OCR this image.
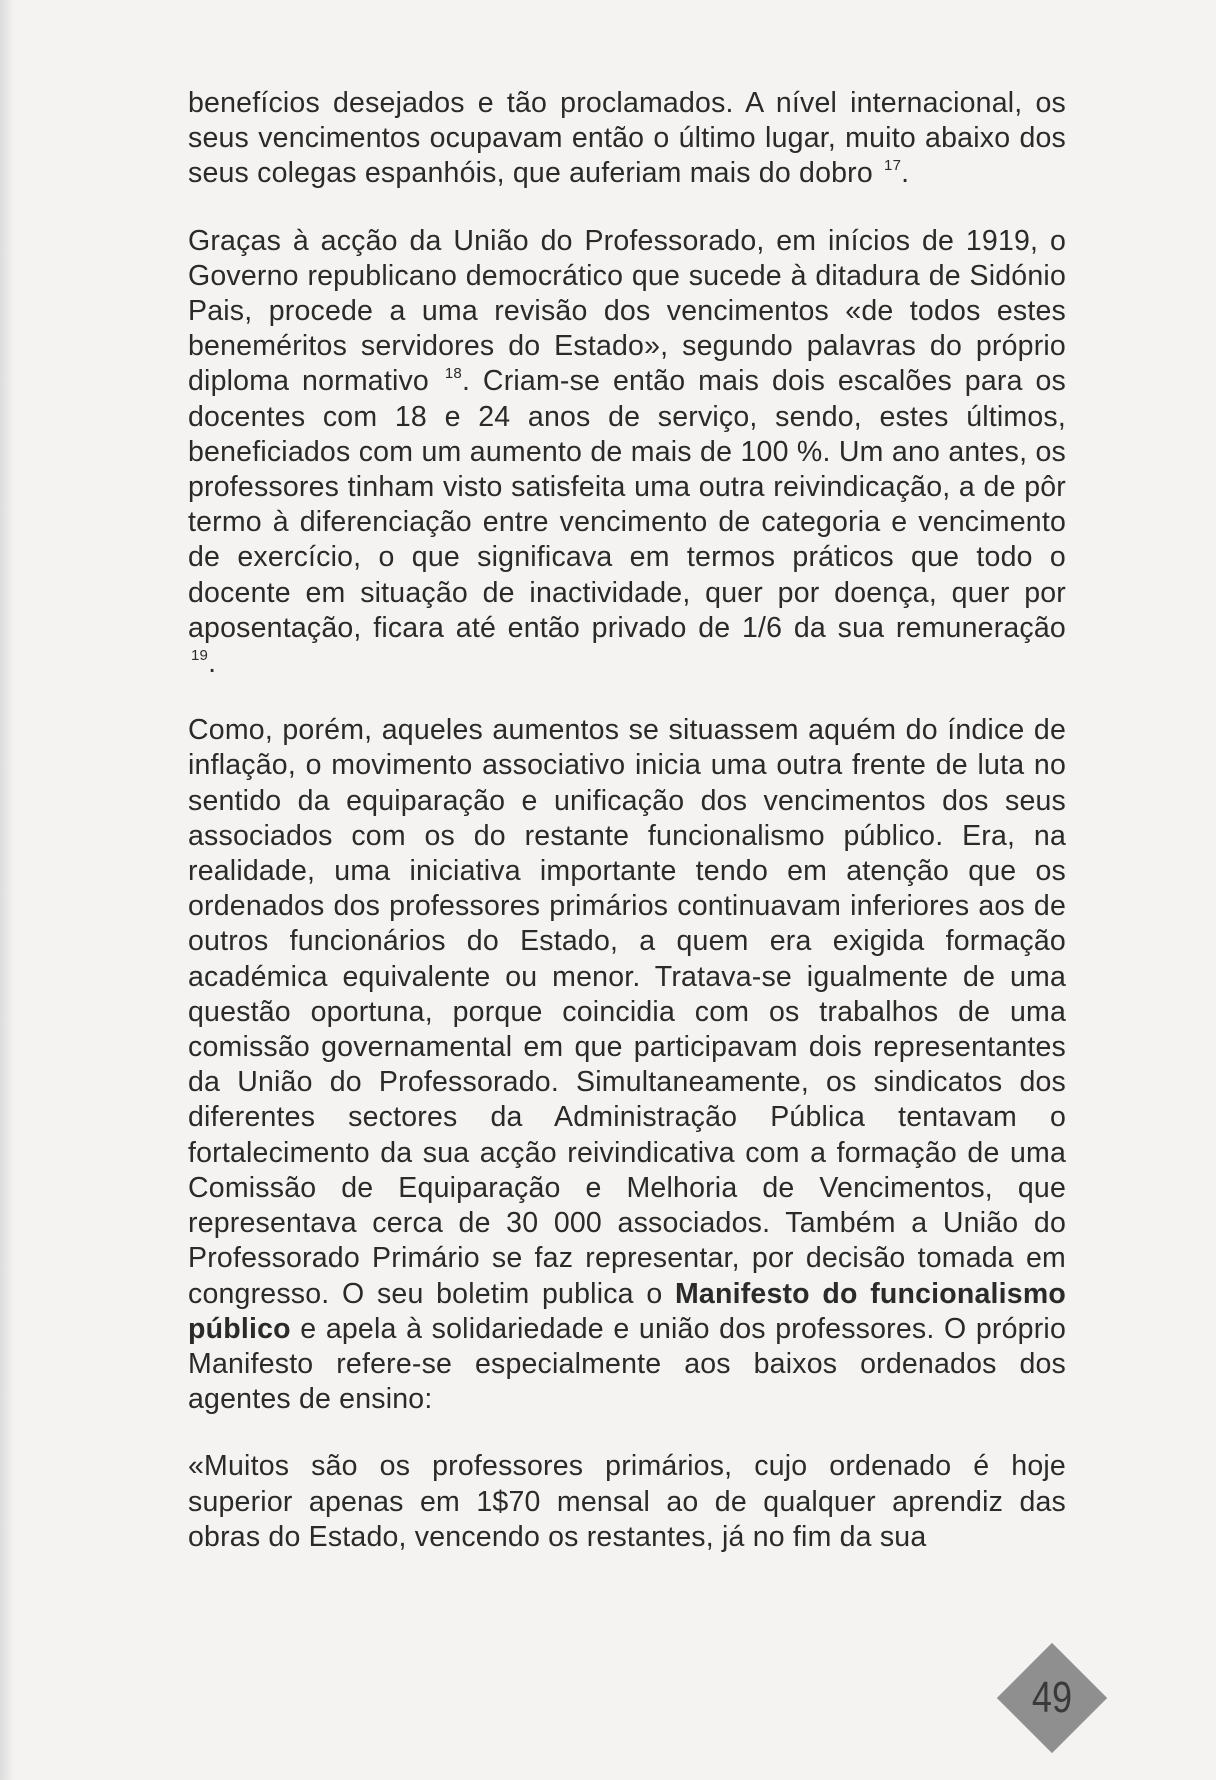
benefícios desejados e tão proclamados. A nível internacional, os seus vencimentos ocupavam então o último lugar, muito abaixo dos seus colegas espanhóis, que auferiam mais do dobro $^{17}$.

Graças à acção da União do Professorado, em inícios de 1919, o Governo republicano democrático que sucede à ditadura de Sidónio Pais, procede a uma revisão dos vencimentos «de todos estes beneméritos servidores do Estado», segundo palavras do próprio diploma normativo $^{18}$. Criam-se então mais dois escalões para os docentes com 18 e 24 anos de serviço, sendo, estes últimos, beneficiados com um aumento de mais de 100 %. Um ano antes, os professores tinham visto satisfeita uma outra reivindicação, a de pôr termo à diferenciação entre vencimento de categoria e vencimento de exercício, o que significava em termos práticos que todo o docente em situação de inactividade, quer por doença, quer por aposentação, ficara até então privado de 1/6 da sua remuneração $^{19}$.

Como, porém, aqueles aumentos se situassem aquém do índice de inflação, o movimento associativo inicia uma outra frente de luta no sentido da equiparação e unificação dos vencimentos dos seus associados com os do restante funcionalismo público. Era, na realidade, uma iniciativa importante tendo em atenção que os ordenados dos professores primários continuavam inferiores aos de outros funcionários do Estado, a quem era exigida formação académica equivalente ou menor. Tratava-se igualmente de uma questão oportuna, porque coincidia com os trabalhos de uma comissão governamental em que participavam dois representantes da União do Professorado. Simultaneamente, os sindicatos dos diferentes sectores da Administração Pública tentavam o fortalecimento da sua acção reivindicativa com a formação de uma Comissão de Equiparação e Melhoria de Vencimentos, que representava cerca de 30 000 associados. Também a União do Professorado Primário se faz representar, por decisão tomada em congresso. O seu boletim publica o Manifesto do funcionalismo público e apela à solidariedade e união dos professores. O próprio Manifesto refere-se especialmente aos baixos ordenados dos agentes de ensino:

«Muitos são os professores primários, cujo ordenado é hoje superior apenas em 1$70 mensal ao de qualquer aprendiz das obras do Estado, vencendo os restantes, já no fim da sua

49
